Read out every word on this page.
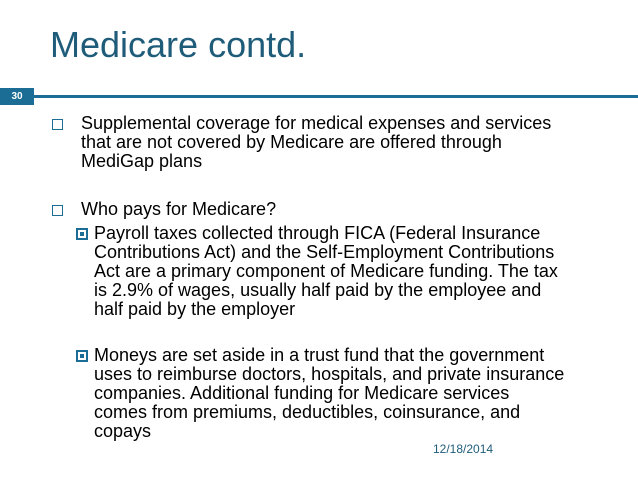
Medicare contd.
30
Supplemental coverage for medical expenses and services
that are not covered by Medicare are offered through
MediGap plans
Who pays for Medicare?
Payroll taxes collected through FICA (Federal Insurance
Contributions Act) and the Self-Employment Contributions
Act are a primary component of Medicare funding. The tax
is 2.9% of wages, usually half paid by the employee and
half paid by the employer
Moneys are set aside in a trust fund that the government
uses to reimburse doctors, hospitals, and private insurance
companies. Additional funding for Medicare services
comes from premiums, deductibles, coinsurance, and
copays
12/18/2014
